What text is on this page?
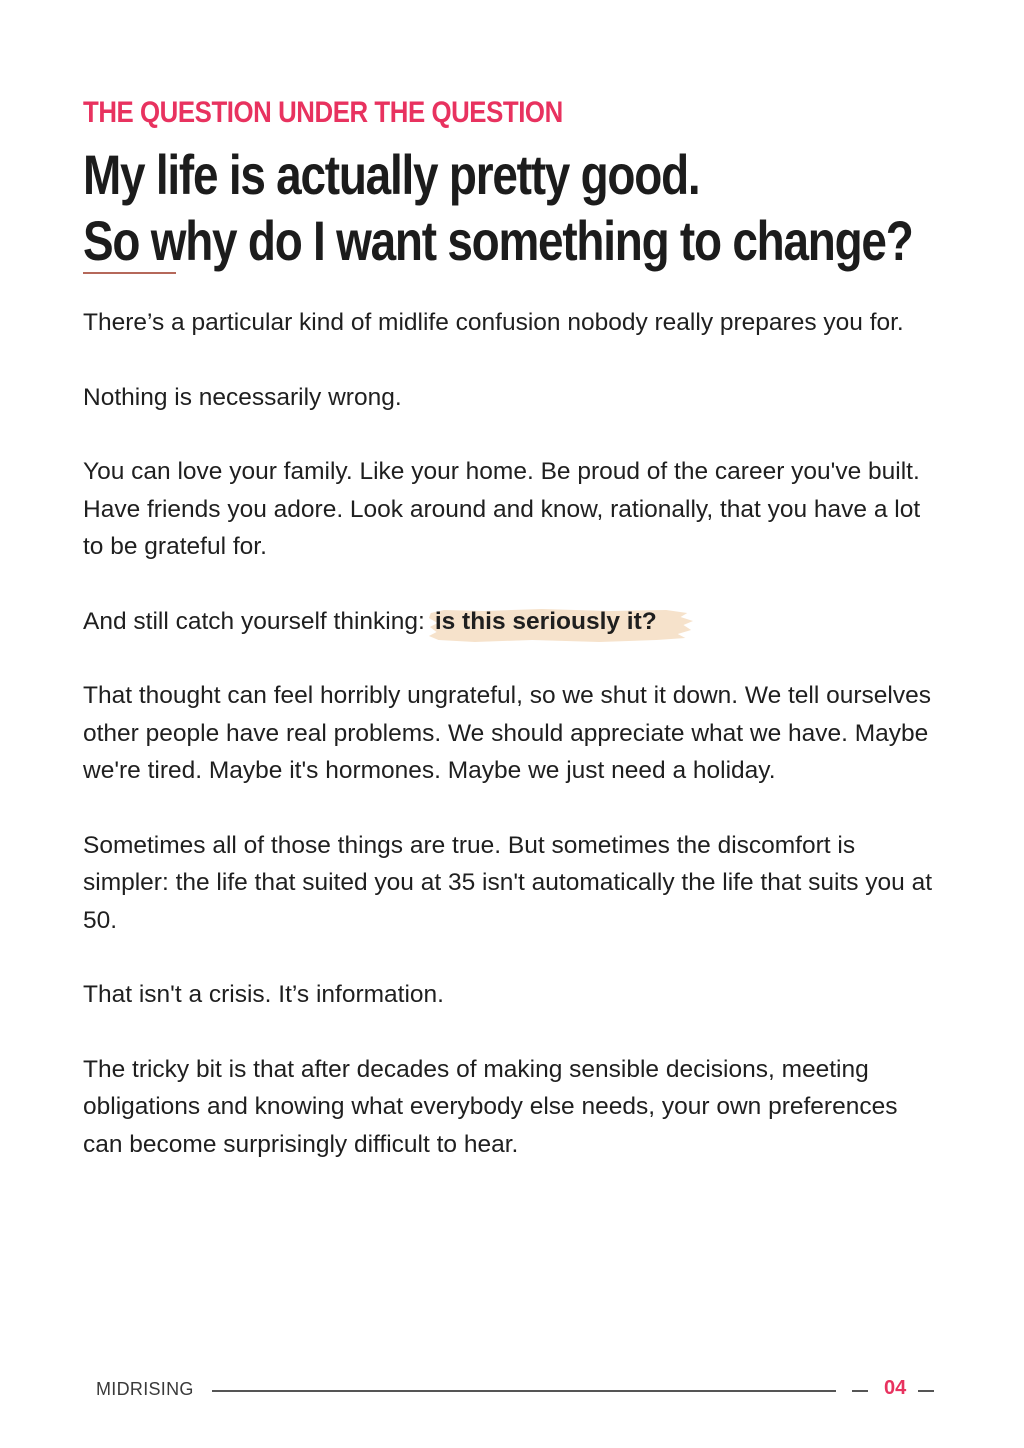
THE QUESTION UNDER THE QUESTION
My life is actually pretty good.
So why do I want something to change?

There’s a particular kind of midlife confusion nobody really prepares you for.

Nothing is necessarily wrong.

You can love your family. Like your home. Be proud of the career you've built. Have friends you adore. Look around and know, rationally, that you have a lot to be grateful for.

And still catch yourself thinking: is this seriously it?

That thought can feel horribly ungrateful, so we shut it down. We tell ourselves other people have real problems. We should appreciate what we have. Maybe we're tired. Maybe it's hormones. Maybe we just need a holiday.

Sometimes all of those things are true. But sometimes the discomfort is simpler: the life that suited you at 35 isn't automatically the life that suits you at 50.

That isn't a crisis. It’s information.

The tricky bit is that after decades of making sensible decisions, meeting obligations and knowing what everybody else needs, your own preferences can become surprisingly difficult to hear.

MIDRISING	04
